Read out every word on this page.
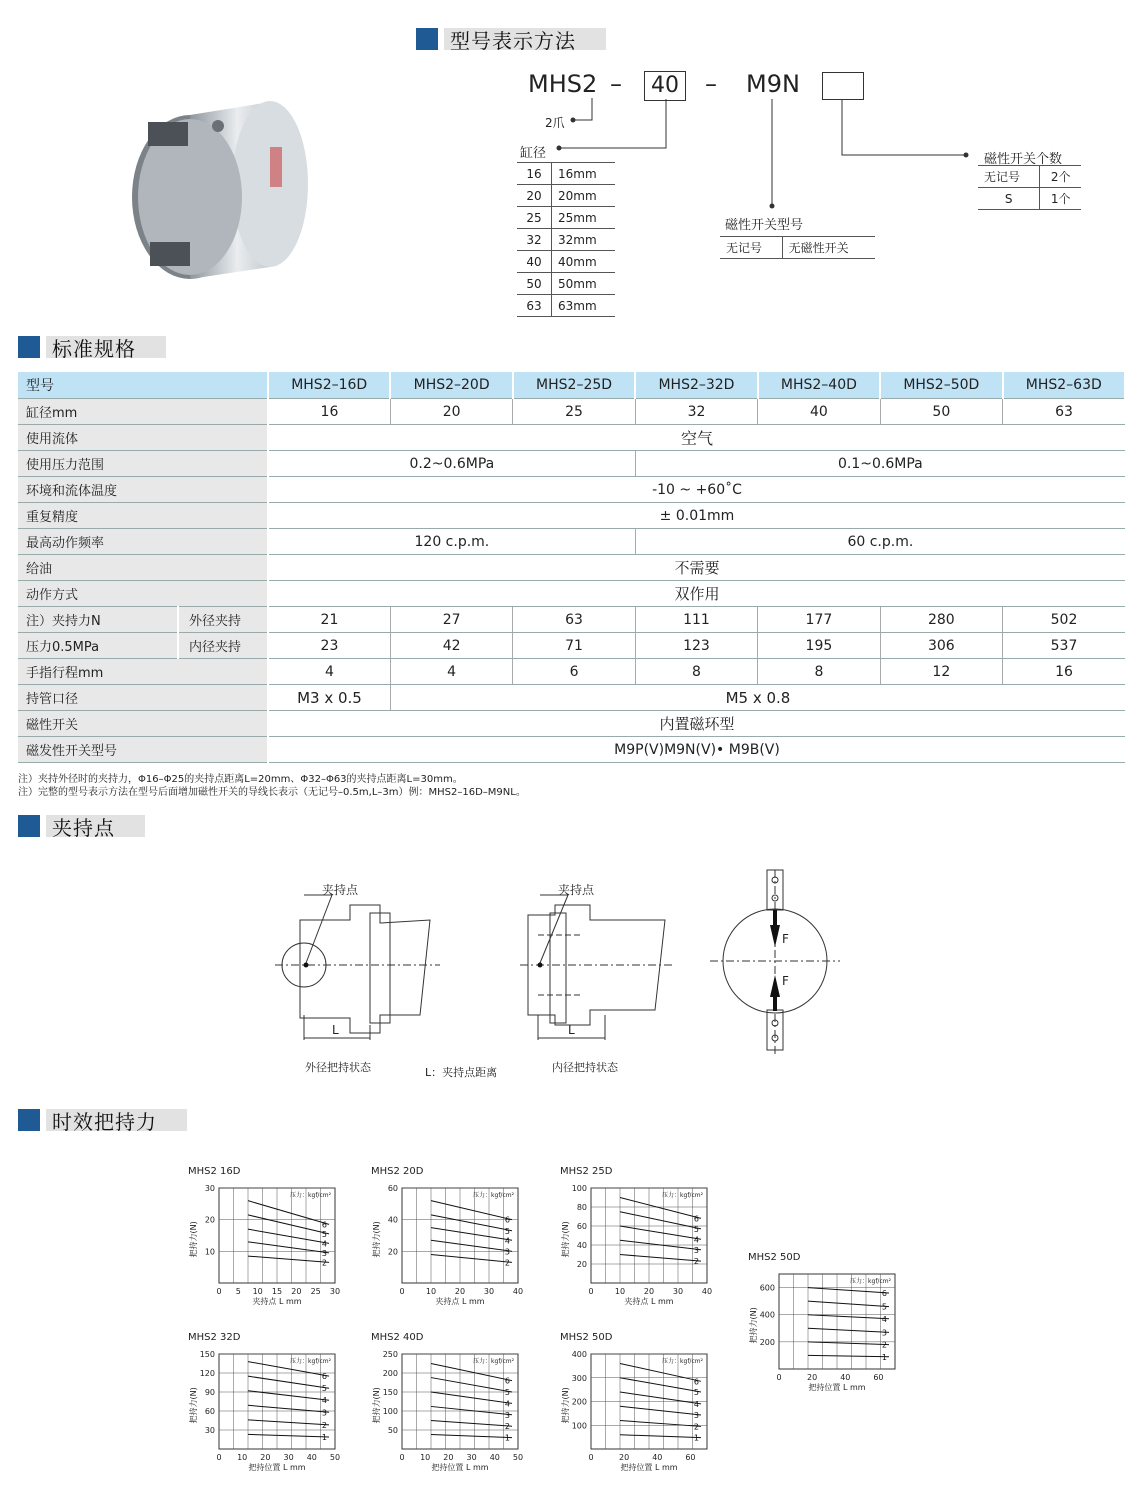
型号表示方法
MHS2 –	40 – M9N
2爪
缸径
磁性开关型号
磁性开关个数
16	16mm
20	20mm
25	25mm
32	32mm
40	40mm
50	50mm
63	63mm
无记号	无磁性开关
无记号	2个
S	1个
标准规格
型号		MHS2–16D	MHS2–20D	MHS2–25D	MHS2–32D	MHS2–40D	MHS2–50D	MHS2–63D
缸径mm		16	20	25	32	40	50	63
使用流体		空气						
使用压力范围		0.2~0.6MPa			0.1~0.6MPa			
环境和流体温度		-10 ~ +60˚C						
重复精度		± 0.01mm						
最高动作频率		120 c.p.m.			60 c.p.m.			
给油		不需要						
动作方式		双作用						
注）夹持力N	外径夹持	21	27	63	111	177	280	502
压力0.5MPa	内径夹持	23	42	71	123	195	306	537
手指行程mm		4	4	6	8	8	12	16
持管口径		M3 x 0.5	M5 x 0.8					
磁性开关		内置磁环型						
磁发性开关型号		M9P(V)M9N(V)• M9B(V)						
注）夹持外径时的夹持力，Φ16–Φ25的夹持点距离L=20mm、Φ32–Φ63的夹持点距离L=30mm。
注）完整的型号表示方法在型号后面增加磁性开关的导线长表示（无记号–0.5m,L–3m）例：MHS2–16D–M9NL。
夹持点
夹持点	夹持点
L	L
F
F
外径把持状态	L：夹持点距离	内径把持状态
时效把持力
MHS2 16D
10
20
30
0 5 10 15 20 25 30
夹持点 L mm
把持力(N)
压力：kgf/cm²
6
5
4
3
2
MHS2 20D
20
40
60
0	10 20 30 40
夹持点 L mm
把持力(N)
压力：kgf/cm²
6
5
4
3
2
MHS2 25D
20
40
60
80
100
0	10 20 30 40
夹持点 L mm
把持力(N)
压力：kgf/cm²
6
5
4
3
2	MHS2 50D
200
400
600
0	20	40	60
把持位置 L mm
把持力(N)
压力：kgf/cm²
6
5
4
3
2
1
MHS2 32D
30
60
90
120
150
0 10 20 30 40 50
把持位置 L mm
把持力(N)
压力：kgf/cm²
6
5
4
3
2
1
MHS2 40D
50
100
150
200
250
0 10 20 30 40 50
把持位置 L mm
把持力(N)
压力：kgf/cm²
6
5
4
3
2
1
MHS2 50D
100
200
300
400
0	20	40	60
把持位置 L mm
把持力(N)
压力：kgf/cm²
6
5
4
3
2
1
